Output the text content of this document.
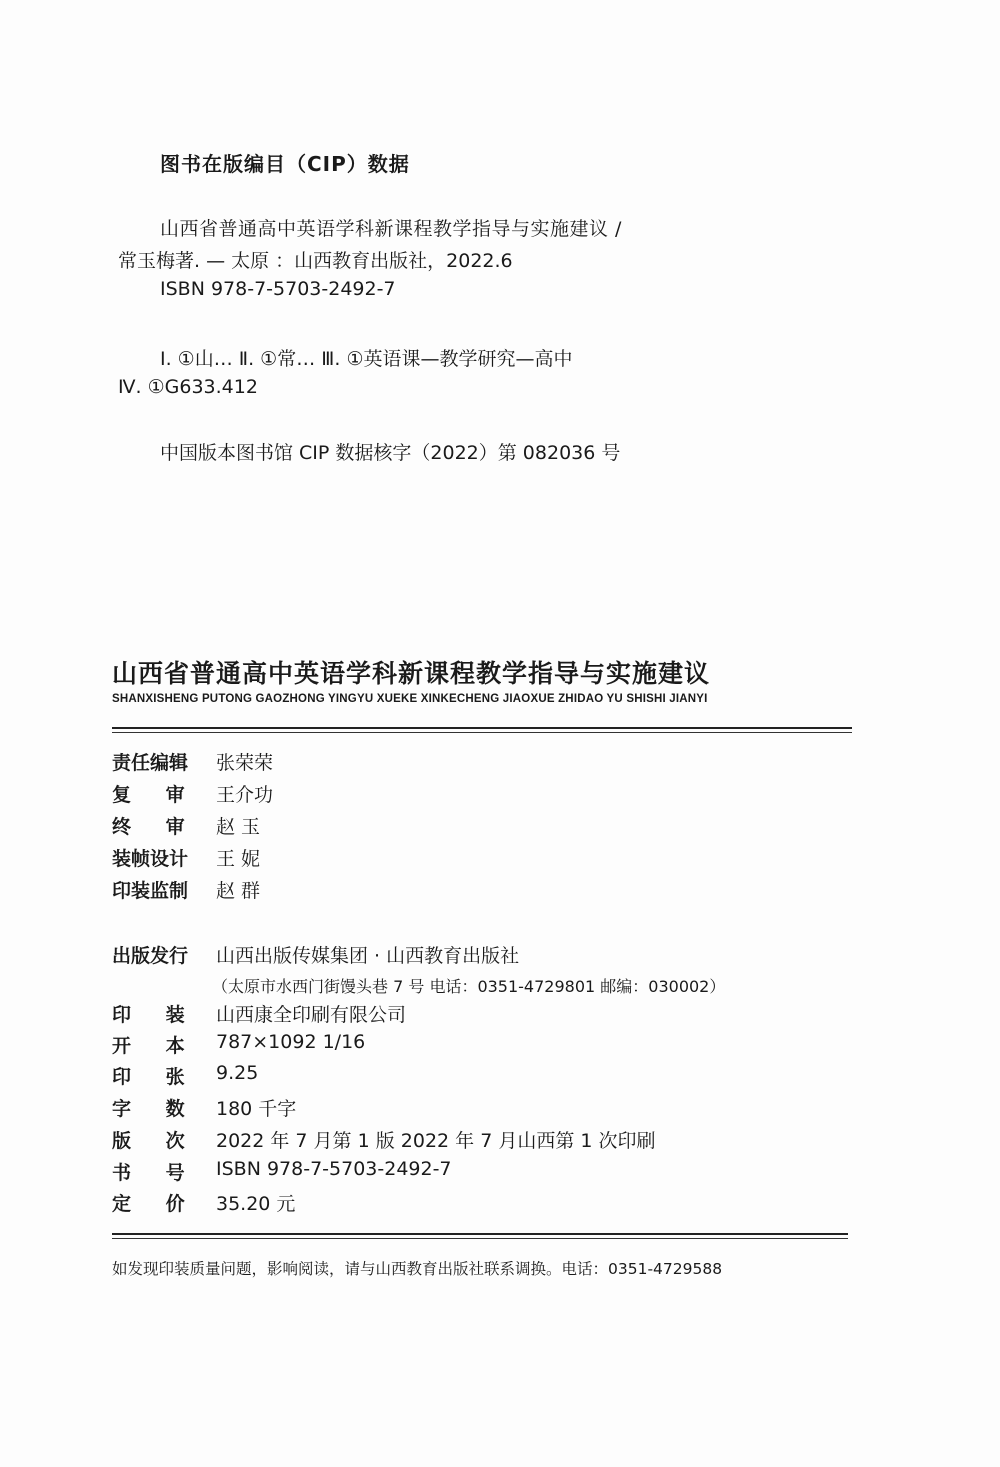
图书在版编目（CIP）数据
山西省普通高中英语学科新课程教学指导与实施建议 /
常玉梅著. — 太原 ：山西教育出版社，2022.6
ISBN 978-7-5703-2492-7
Ⅰ. ①山… Ⅱ. ①常… Ⅲ. ①英语课—教学研究—高中
Ⅳ. ①G633.412
中国版本图书馆 CIP 数据核字（2022）第 082036 号
山西省普通高中英语学科新课程教学指导与实施建议
SHANXISHENG PUTONG GAOZHONG YINGYU XUEKE XINKECHENG JIAOXUE ZHIDAO YU SHISHI JIANYI
责任编辑 张荣荣
复 审 王介功
终 审 赵 玉
装帧设计 王 妮
印装监制 赵 群
出版发行 山西出版传媒集团 · 山西教育出版社
（太原市水西门街馒头巷 7 号 电话：0351-4729801 邮编：030002）
印 装 山西康全印刷有限公司
开 本 787×1092 1/16
印 张 9.25
字 数 180 千字
版 次 2022 年 7 月第 1 版 2022 年 7 月山西第 1 次印刷
书 号 ISBN 978-7-5703-2492-7
定 价 35.20 元
如发现印装质量问题，影响阅读，请与山西教育出版社联系调换。电话：0351-4729588
